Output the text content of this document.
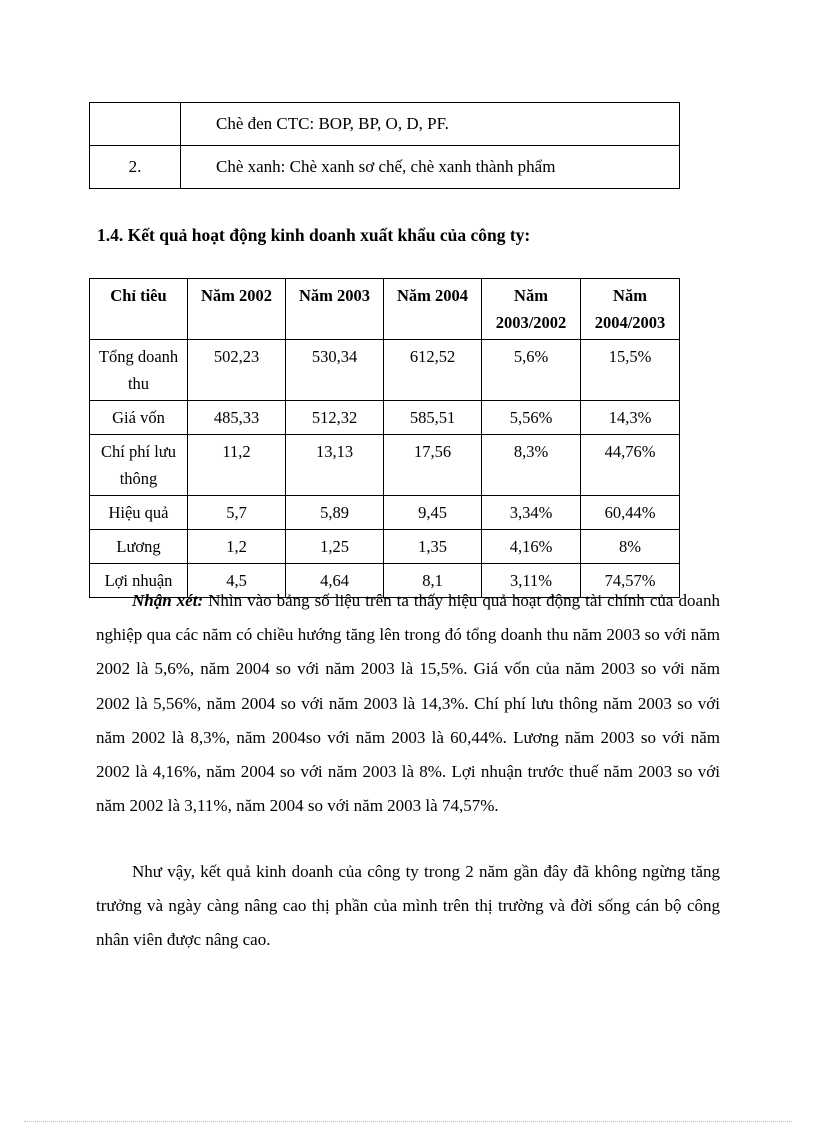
	Chè đen CTC: BOP, BP, O, D, PF.
2.	Chè xanh: Chè xanh sơ chế, chè xanh thành phẩm
1.4. Kết quả hoạt động kinh doanh xuất khẩu của công ty:
Chỉ tiêu	Năm 2002	Năm 2003	Năm 2004	Năm 2003/2002	Năm 2004/2003
Tổng doanh thu	502,23	530,34	612,52	5,6%	15,5%
Giá vốn	485,33	512,32	585,51	5,56%	14,3%
Chí phí lưu thông	11,2	13,13	17,56	8,3%	44,76%
Hiệu quả	5,7	5,89	9,45	3,34%	60,44%
Lương	1,2	1,25	1,35	4,16%	8%
Lợi nhuận	4,5	4,64	8,1	3,11%	74,57%

Nhận xét: Nhìn vào bảng số liệu trên ta thấy hiệu quả hoạt động tài chính của doanh nghiệp qua các năm có chiều hướng tăng lên trong đó tổng doanh thu năm 2003 so với năm 2002 là 5,6%, năm 2004 so với năm 2003 là 15,5%. Giá vốn của năm 2003 so với năm 2002 là 5,56%, năm 2004 so với năm 2003 là 14,3%. Chí phí lưu thông năm 2003 so với năm 2002 là 8,3%, năm 2004so với năm 2003 là 60,44%. Lương năm 2003 so với năm 2002 là 4,16%, năm 2004 so với năm 2003 là 8%. Lợi nhuận trước thuế năm 2003 so với năm 2002 là 3,11%, năm 2004 so với năm 2003 là 74,57%.

Như vậy, kết quả kinh doanh của công ty trong 2 năm gần đây đã không ngừng tăng trưởng và ngày càng nâng cao thị phần của mình trên thị trường và đời sống cán bộ công nhân viên được nâng cao.
